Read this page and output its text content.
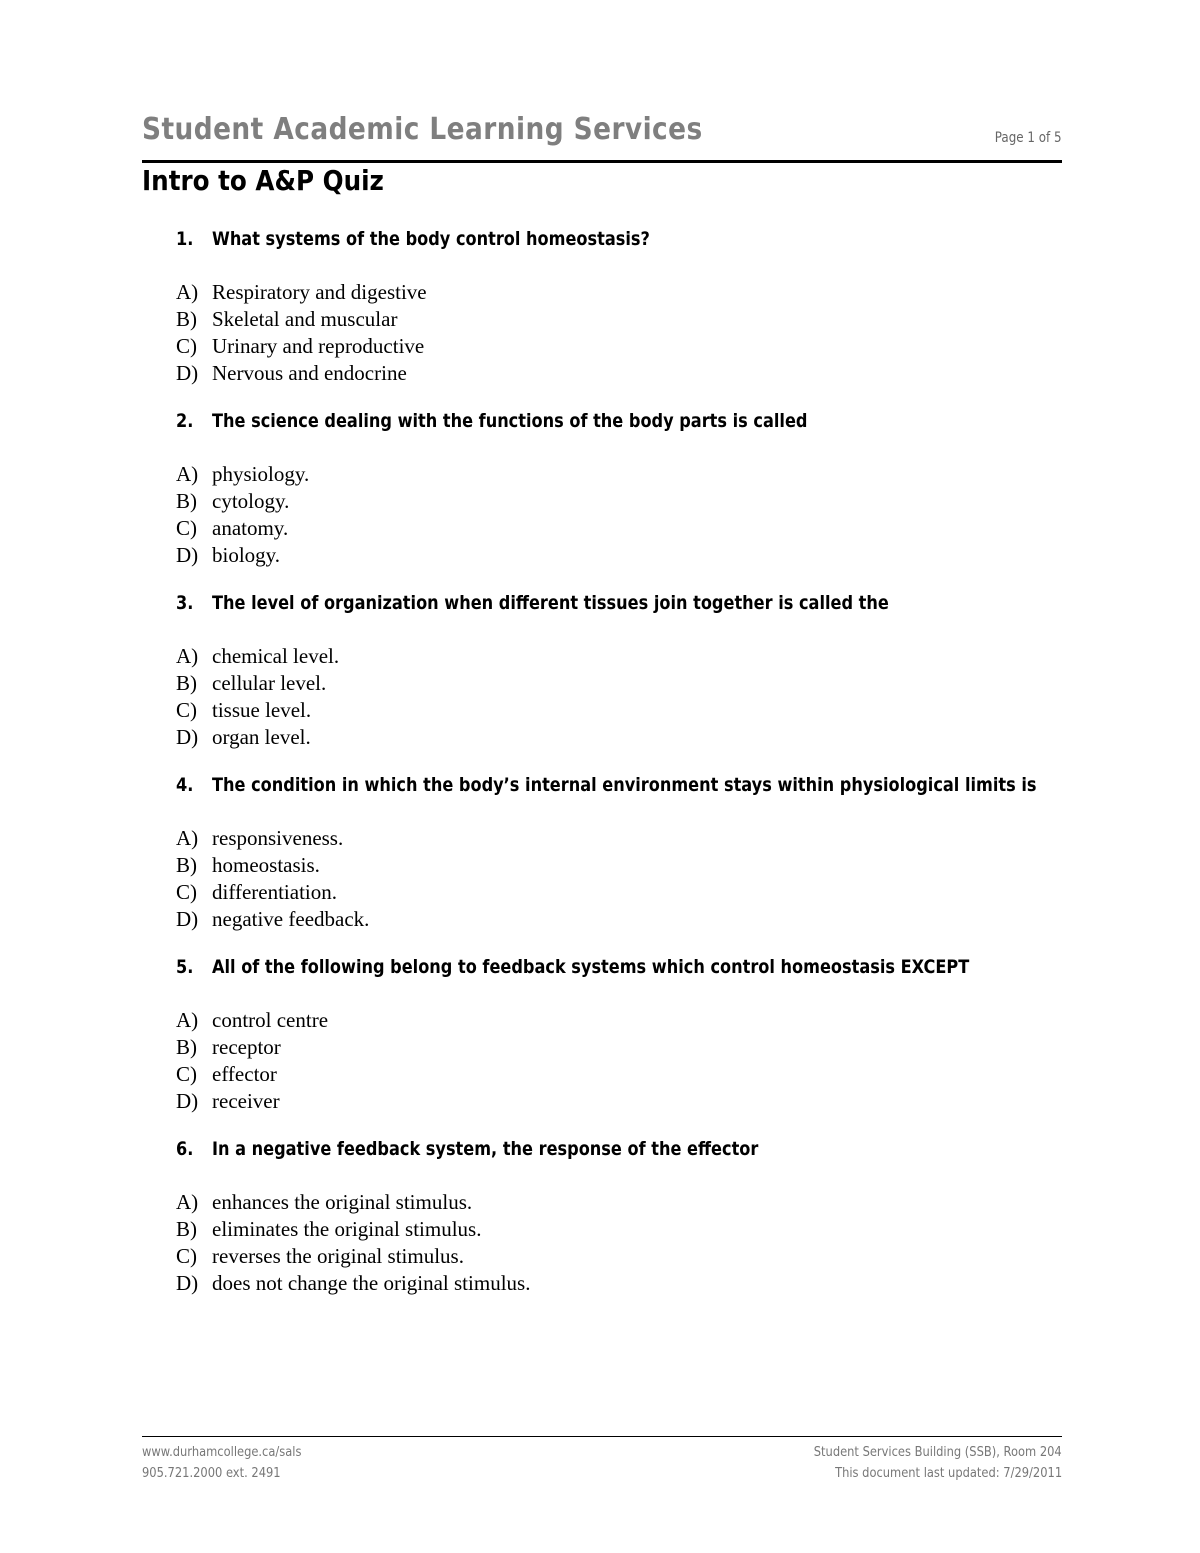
Student Academic Learning Services	Page 1 of 5
Intro to A&P Quiz
1. What systems of the body control homeostasis?
A) Respiratory and digestive
B) Skeletal and muscular
C) Urinary and reproductive
D) Nervous and endocrine
2. The science dealing with the functions of the body parts is called
A) physiology.
B) cytology.
C) anatomy.
D) biology.
3. The level of organization when different tissues join together is called the
A) chemical level.
B) cellular level.
C) tissue level.
D) organ level.
4. The condition in which the body’s internal environment stays within physiological limits is
A) responsiveness.
B) homeostasis.
C) differentiation.
D) negative feedback.
5. All of the following belong to feedback systems which control homeostasis EXCEPT
A) control centre
B) receptor
C) effector
D) receiver
6. In a negative feedback system, the response of the effector
A) enhances the original stimulus.
B) eliminates the original stimulus.
C) reverses the original stimulus.
D) does not change the original stimulus.
www.durhamcollege.ca/sals
905.721.2000 ext. 2491
Student Services Building (SSB), Room 204
This document last updated: 7/29/2011
